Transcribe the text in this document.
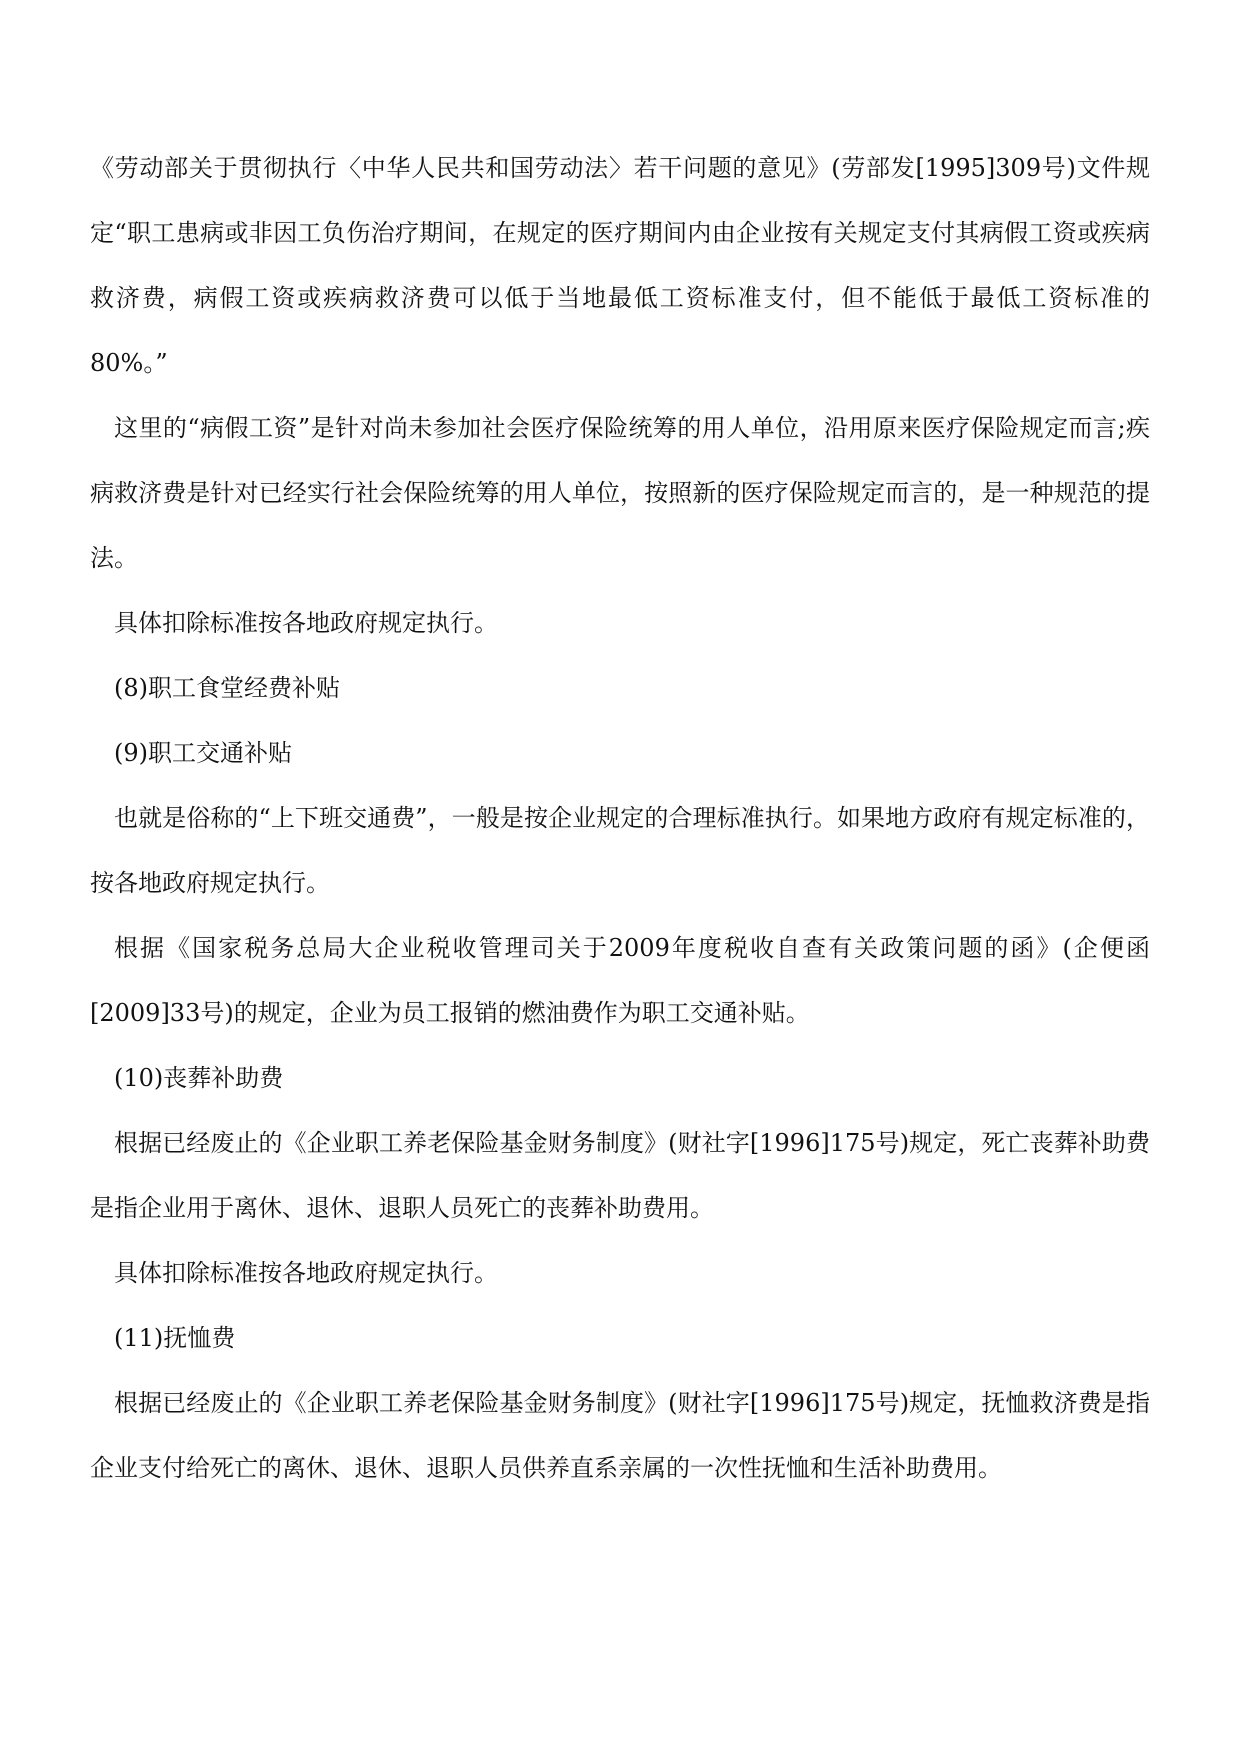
《劳动部关于贯彻执行〈中华人民共和国劳动法〉若干问题的意见》(劳部发[1995]309号)文件规定“职工患病或非因工负伤治疗期间，在规定的医疗期间内由企业按有关规定支付其病假工资或疾病救济费，病假工资或疾病救济费可以低于当地最低工资标准支付，但不能低于最低工资标准的80%。”

这里的“病假工资”是针对尚未参加社会医疗保险统筹的用人单位，沿用原来医疗保险规定而言;疾病救济费是针对已经实行社会保险统筹的用人单位，按照新的医疗保险规定而言的，是一种规范的提法。

具体扣除标准按各地政府规定执行。

(8)职工食堂经费补贴

(9)职工交通补贴

也就是俗称的“上下班交通费”，一般是按企业规定的合理标准执行。如果地方政府有规定标准的，按各地政府规定执行。

根据《国家税务总局大企业税收管理司关于2009年度税收自查有关政策问题的函》(企便函[2009]33号)的规定，企业为员工报销的燃油费作为职工交通补贴。

(10)丧葬补助费

根据已经废止的《企业职工养老保险基金财务制度》(财社字[1996]175号)规定，死亡丧葬补助费是指企业用于离休、退休、退职人员死亡的丧葬补助费用。

具体扣除标准按各地政府规定执行。

(11)抚恤费

根据已经废止的《企业职工养老保险基金财务制度》(财社字[1996]175号)规定，抚恤救济费是指企业支付给死亡的离休、退休、退职人员供养直系亲属的一次性抚恤和生活补助费用。
